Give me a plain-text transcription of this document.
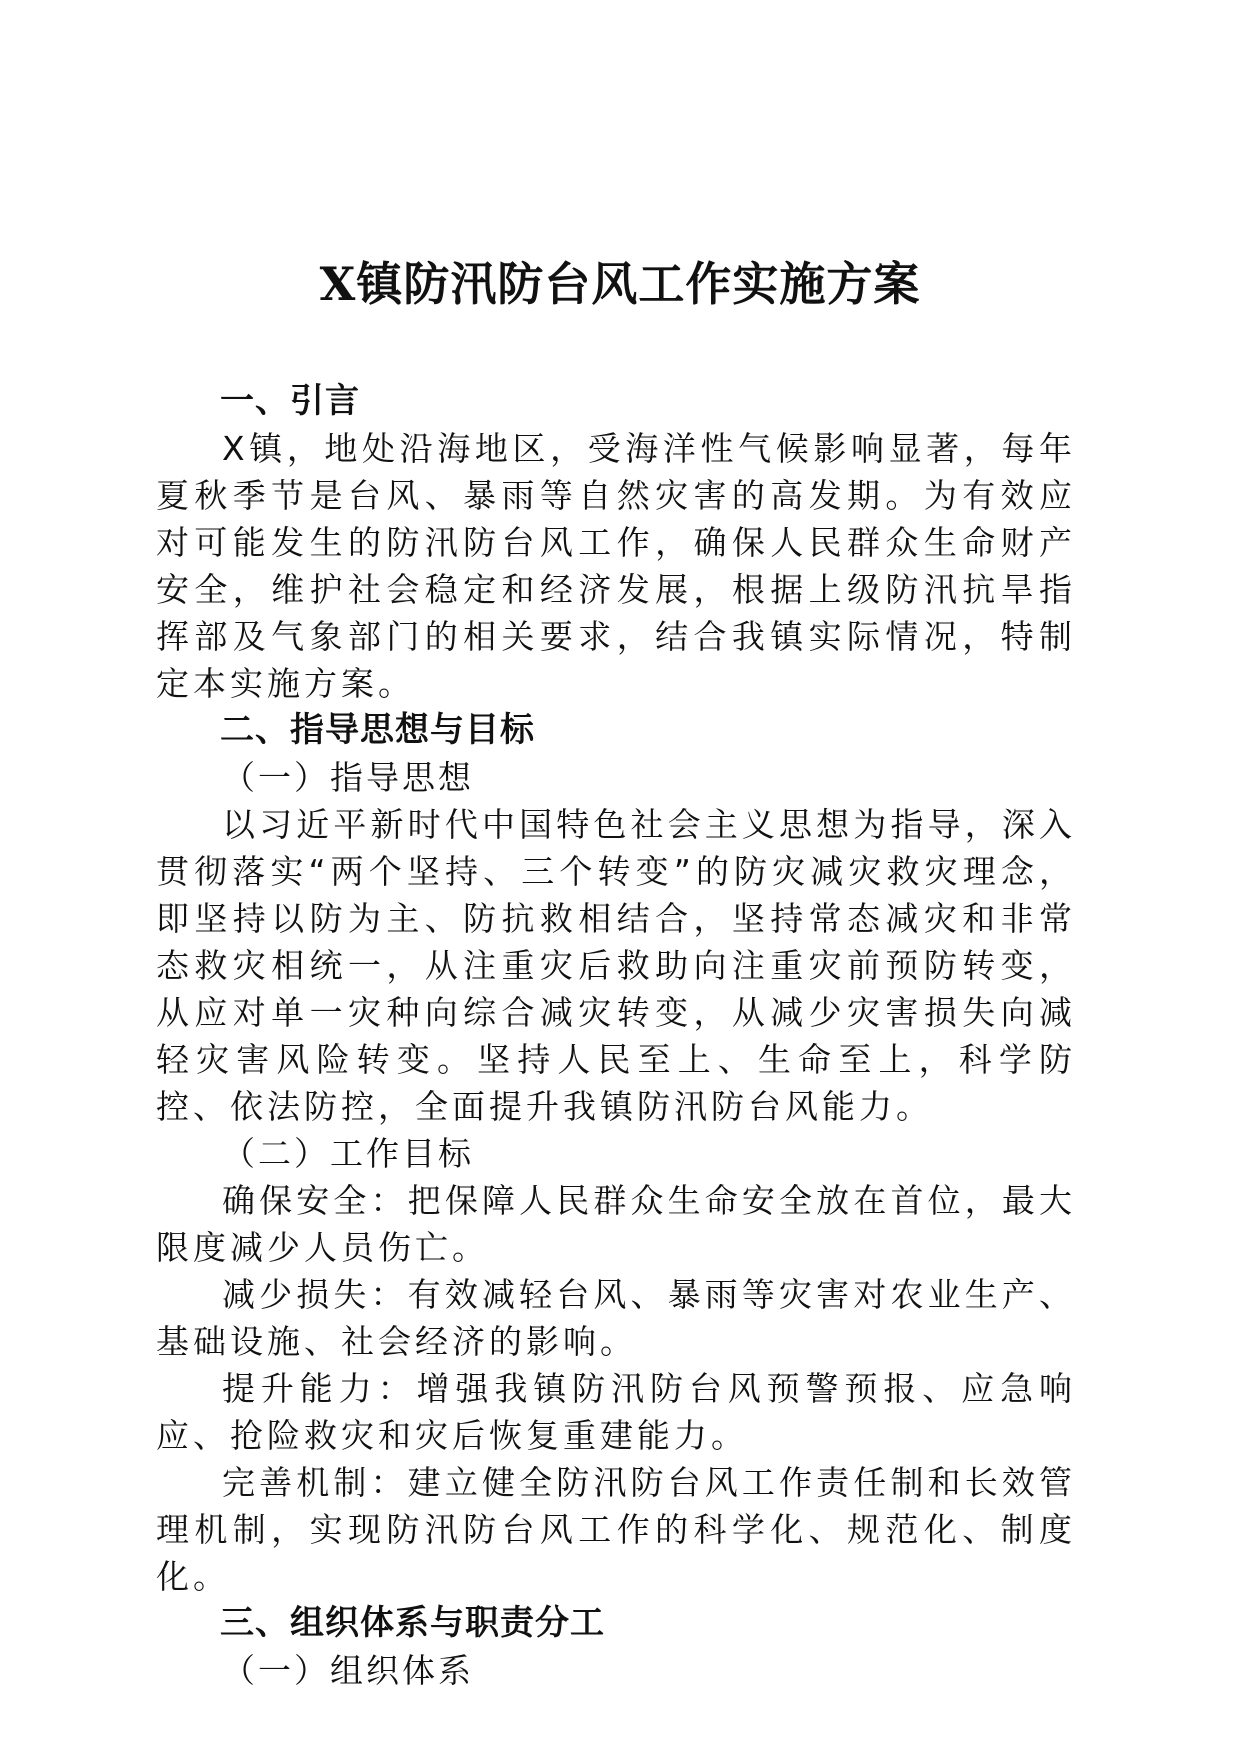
X镇防汛防台风工作实施方案

一、引言

X镇，地处沿海地区，受海洋性气候影响显著，每年夏秋季节是台风、暴雨等自然灾害的高发期。为有效应对可能发生的防汛防台风工作，确保人民群众生命财产安全，维护社会稳定和经济发展，根据上级防汛抗旱指挥部及气象部门的相关要求，结合我镇实际情况，特制定本实施方案。

二、指导思想与目标

（一）指导思想

以习近平新时代中国特色社会主义思想为指导，深入贯彻落实“两个坚持、三个转变”的防灾减灾救灾理念，即坚持以防为主、防抗救相结合，坚持常态减灾和非常态救灾相统一，从注重灾后救助向注重灾前预防转变，从应对单一灾种向综合减灾转变，从减少灾害损失向减轻灾害风险转变。坚持人民至上、生命至上，科学防控、依法防控，全面提升我镇防汛防台风能力。

（二）工作目标

确保安全：把保障人民群众生命安全放在首位，最大限度减少人员伤亡。

减少损失：有效减轻台风、暴雨等灾害对农业生产、基础设施、社会经济的影响。

提升能力：增强我镇防汛防台风预警预报、应急响应、抢险救灾和灾后恢复重建能力。

完善机制：建立健全防汛防台风工作责任制和长效管理机制，实现防汛防台风工作的科学化、规范化、制度化。

三、组织体系与职责分工

（一）组织体系
